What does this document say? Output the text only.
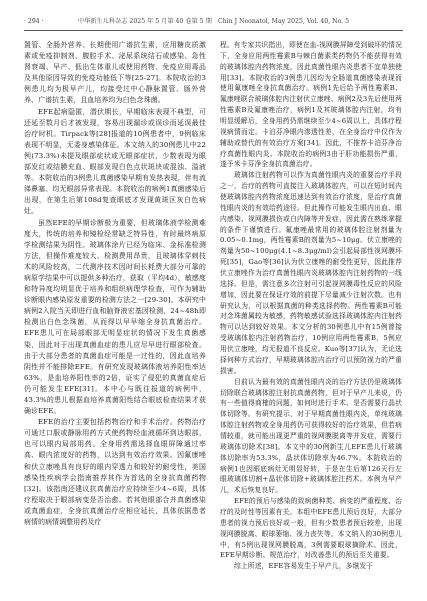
· 294 ·	中华新生儿科杂志 2025 年 5 月第 40 卷第 5 期　Chin J Neonatol, May 2025, Vol. 40, No. 5

置管、全肠外营养、长期使用广谱抗生素，应用糖皮质激素或免疫抑制剂、腹腔手术、泌尿系统结石或感染、急性肾衰竭、早产、低出生体重儿或使用药物、免疫应用毒品及其他原因导致的免疫功能低下等[25-27]。本院收治的3例患儿均为极早产儿，均接受过中心静脉置管、肠外营养、广谱抗生素，且血培养均为白色念珠菌。

EFE起病隐匿，潜伏期长，早期临床表现不典型，可还延至数月后才被发现，容易出现漏诊或误诊而延误最佳治疗时机。Tirpack等[28]报道的10例患者中，9例临床表现不明显，无委身感染体征。本文纳入的30例患儿中22例(73.3%)未提及眼部症状或无眼部症状，少数表现为眼部发红或结膜充血、眼部发现白色点状斑块或混浊、溢液等。本院收治的3例患儿真菌感染早期有发热表现，伴有流涕鼻塞、均无眼部异常表现。本院收治的病例1真菌感染后出现，在第生后第108d复查眼底才发现黄斑区灰白色病灶。

虽然EFE的早期诊断极为重要，但玻璃体液学检测难度大，传统的培养和镜检经常缺乏特异性，有时最终病原学检测结果为阴性。玻璃体涂片已经为临床、金标准检测方法，但操作难度较大、检测费用昂贵，且玻璃体穿刺技术的风险较高，二代测序技术因时间长耗费大部分可靠的病原学结果中可以提供多种治疗，获取（平均4d），敏感度和特异度均明显优于培养和组织病理学检查，可作为辅助诊断眼内感染原发重要的检测方法之一[29-30]。本研究中病例2入院当天即进行血和脑脊液宏基因检测，24~48h即检测出白色念珠菌，从而得以早早缩全身抗真菌治疗。EFE患儿可在局部眼部无明显症状的情况下发生真菌感染，因此对于出现真菌血症的患儿应尽早进行眼部检查。由于大部分患者的真菌血症可能是一过性的，因此血培养阴性并不能排除EFE。有研究发现玻璃体液培养阳性率达63%，是血培养阳性率的2倍，证实了侵犯的真菌血症后仍可能发生EFE[31]。本中心与既往报道的病例中，43.3%的患儿根据血培养真菌阳性结合眼底检查结果才获确诊EFE。

EFE的治疗主要包括药物治疗和手术治疗。药物治疗可通过口服或静脉用药方式使药物经血液循环到达眼部，也可以眼内局部用药。全身用药需选择血眼屏障通过率高、眼内浓度好的药物，以达到有效治疗效果。因氟康唑和伏立康唑具有良好的眼内穿透力和较好的耐受性，美国感染性疾病学会指南推荐其作为首选的全身抗真菌药物[32]。该指南还建议抗真菌治疗应持续至少4~6周，具体疗程取决于眼部病变是否治愈。若其他眼部合并真菌感染或真菌血症，全身抗真菌治疗应相应延长，具体依据患者病情的病情调整用药及疗

程。有专家共识指出，即使在血-视网膜屏障受到破坏的情况下，全身应用两性霉素B与棘白菌素类药物仍不能获得有效的玻璃体腔内药物浓度，因此真菌性眼内炎患者不宜单独使用[33]。本院收治的3例患儿因均为全肠道真菌感染表现而使用氟康唑全身抗真菌治疗。病例1先后给予两性霉素B、氟康唑联合玻璃体腔内注射伏立康唑、病例2及3先后使用两性霉素B及氟康唑治疗，病例1及其玻璃体腔内注射，均有明显缓解后，全身用药仍需继续至少4~6周以上，具体疗程视病情而定。卡泊芬净眼内渗透性差，在全身治疗中仅作为辅助或替代的有效治疗方案[34]。因此，不推荐卡泊芬净治疗真菌性眼内炎。本院收治的病例3由于肝功能损伤严重，遂予米卡芬净全身抗真菌治疗。

玻璃体注射药物可以作为真菌性眼内炎的重要治疗手段之一，治疗的药物可直接注入玻璃体腔内，可以在短时间内使玻璃体腔内药物浓度迅速达到有效治疗浓度，是治疗真菌性眼内炎的有效给药途径。但此操作可能发生眼内出血、眼内感染、视网膜损伤或白内障等并发症，因此需在熟练掌握的条件下谨慎进行。氟康唑最常用的玻璃体腔注射剂量为0.05~0.1mg，两性霉素B的剂量为5~10μg。伏立康唑的剂量为50~100μg(4.1~8.3μg/ml)会引起局部性视网膜坏死[35]，Gao等[36]认为伏立康唑的耐受性更好，因此推荐伏立康唑作为治疗真菌性眼内炎玻璃体腔内注射药物的一线选择。但是，需注意多次注射可引起视网膜毒性反应的风险增加，因此要在保证疗效的前提下尽量减少注射次数。也有研究认为，可以根据真菌的种类选择药物。两性霉素B可能对念珠菌属较为敏感，药物敏感试验选择玻璃体腔内注射药物可以达到较好效果。本文分析的30例患儿中有15例曾接受玻璃体腔内注射药物治疗，10例应用两性霉素B，5例应用伏立康唑，均无报道不良反应。Kuo等[37]认为，无论选择何种方式治疗，早期玻璃体腔内治疗可以预防视力的严重损害。

目前认为最有效的真菌性眼内炎的治疗方法仍是玻璃体切除联合玻璃体腔注射抗真菌药物，但对于早产儿来说，仍有一些值得商榷的问题，如何时进行手术、是否需要行晶状体切除等。有研究提示，对于早期真菌性眼内炎，单纯玻璃体腔注射药物或全身用药仍可获得较好的治疗效果，但若病情较重，就可能出现更严重的视网膜脱离等并发症，需要行玻璃体切除术[38]。本文中的30例新生儿EFE患儿行玻璃体切除率为53.3%，晶状体切除率为46.7%。本院收治的病例1也因眼底病灶无明显好转，于是在生后第126天行左眼玻璃体切割+晶状体切除+玻璃体腔注药术。本例为早产儿，术后恢复良好。

EFE的预后与感染的致病菌种类、病变的严重程度、治疗的及时性等因素有关。本组中EFE患儿预后良好，大部分患者的视力预后良好或一般，但有少数患者预后较差，出现视网膜脱离、眼球萎缩、视力丧失等。本文纳入的30例患儿中，有5例出现视网膜脱离，3例需要眼球摘除术。因此，EFE早期诊断、规范治疗，对改善患儿的预后至关重要。

综上所述，EFE容易发生于早产儿，多继发于
